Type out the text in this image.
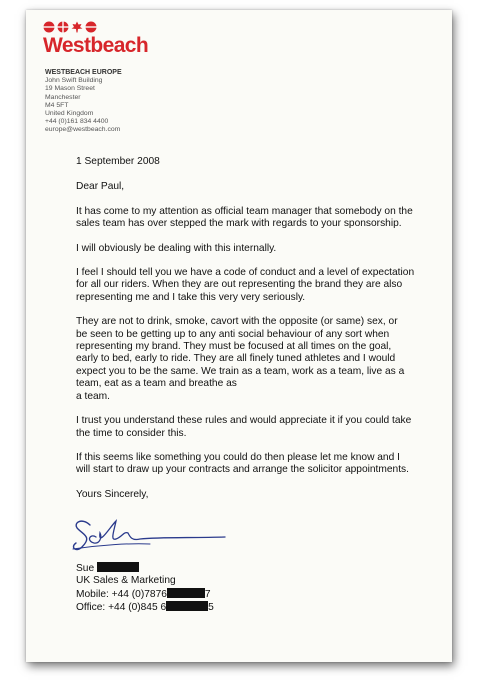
Westbeach
WESTBEACH EUROPE
John Swift Building
19 Mason Street
Manchester
M4 5FT
United Kingdom
+44 (0)161 834 4400
europe@westbeach.com

1 September 2008

Dear Paul,

It has come to my attention as official team manager that somebody on the
sales team has over stepped the mark with regards to your sponsorship.

I will obviously be dealing with this internally.

I feel I should tell you we have a code of conduct and a level of expectation
for all our riders. When they are out representing the brand they are also
representing me and I take this very very seriously.

They are not to drink, smoke, cavort with the opposite (or same) sex, or
be seen to be getting up to any anti social behaviour of any sort when
representing my brand. They must be focused at all times on the goal,
early to bed, early to ride. They are all finely tuned athletes and I would
expect you to be the same. We train as a team, work as a team, live as a
team, eat as a team and breathe as
a team.

I trust you understand these rules and would appreciate it if you could take
the time to consider this.

If this seems like something you could do then please let me know and I
will start to draw up your contracts and arrange the solicitor appointments.

Yours Sincerely,

Sue
UK Sales & Marketing
Mobile: +44 (0)7876	7
Office: +44 (0)845 6	5
